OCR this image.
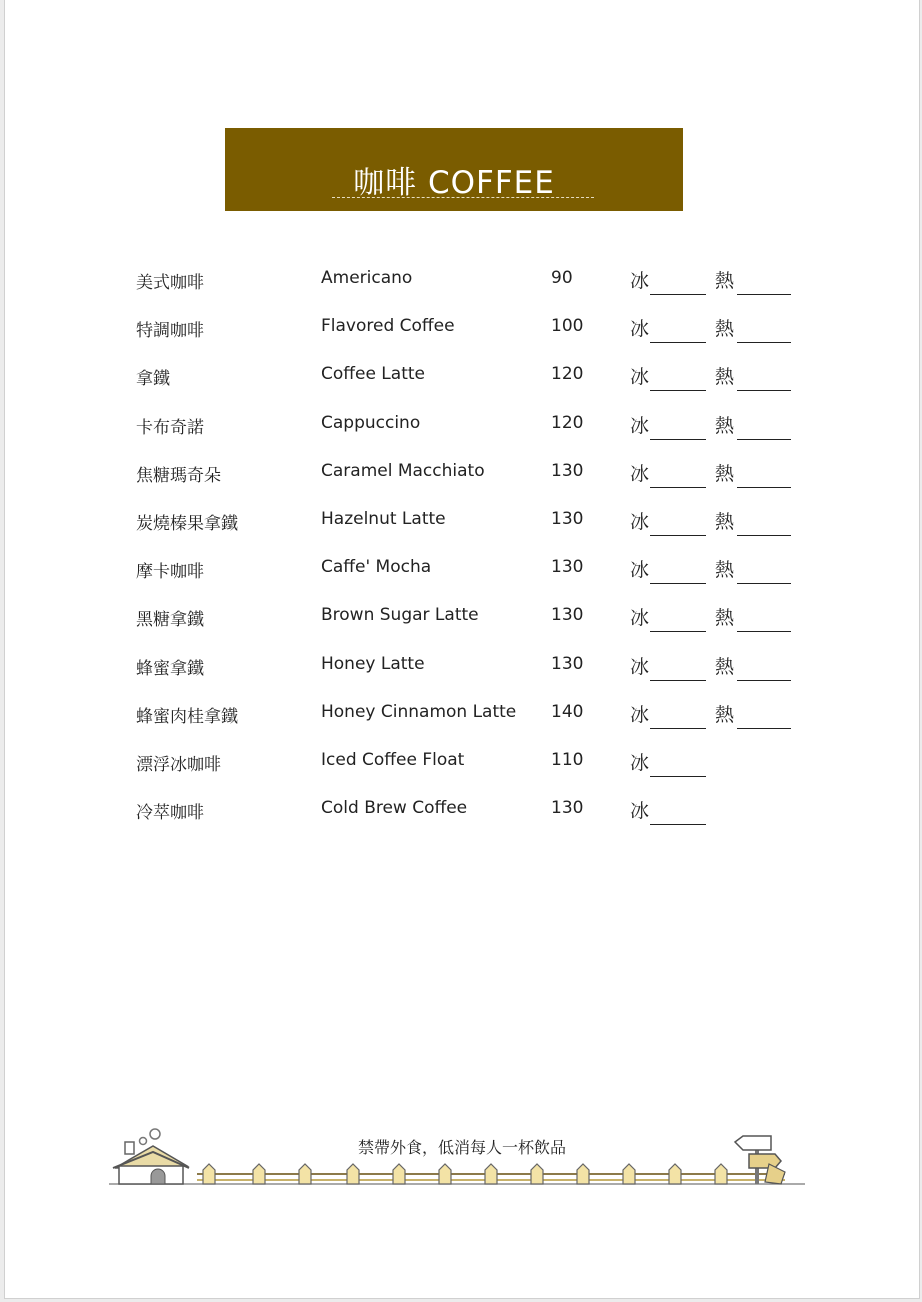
咖啡 COFFEE
美式咖啡	Americano	90	冰	熱
特調咖啡	Flavored Coffee	100 冰	熱
拿鐵	Coffee Latte	120 冰	熱
卡布奇諾	Cappuccino	120 冰	熱
焦糖瑪奇朵	Caramel Macchiato	130 冰	熱
炭燒榛果拿鐵	Hazelnut Latte	130 冰	熱
摩卡咖啡	Caffe' Mocha	130 冰	熱
黑糖拿鐵	Brown Sugar Latte	130 冰	熱
蜂蜜拿鐵	Honey Latte	130 冰	熱
蜂蜜肉桂拿鐵	Honey Cinnamon Latte 140 冰	熱
漂浮冰咖啡	Iced Coffee Float	110 冰
冷萃咖啡	Cold Brew Coffee	130 冰
禁帶外食，低消每人一杯飲品
